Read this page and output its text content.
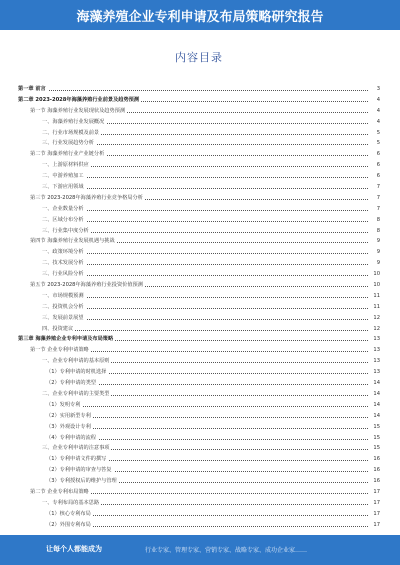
海藻养殖企业专利申请及布局策略研究报告
内容目录
第一章 前言	3
第二章 2023-2028年海藻养殖行业前景及趋势预测	4
第一节 海藻养殖行业发展现状及趋势预测	4
一、海藻养殖行业发展概况	4
二、行业市场规模及前景	5
三、行业发展趋势分析	5
第二节 海藻养殖行业产业链分析	6
一、上游原材料供应	6
二、中游养殖加工	6
三、下游应用领域	7
第三节 2023-2028年海藻养殖行业竞争格局分析	7
一、企业数量分析	7
二、区域分布分析	8
三、行业集中度分析	8
第四节 海藻养殖行业发展机遇与挑战	9
一、政策环境分析	9
二、技术发展分析	9
三、行业风险分析	10
第五节 2023-2028年海藻养殖行业投资价值预测	10
一、市场规模预测	11
二、投资机会分析	11
三、发展前景展望	12
四、投资建议	12
第三章 海藻养殖企业专利申请及布局策略	13
第一节 企业专利申请策略	13
一、企业专利申请的基本原则	13
（1）专利申请的时机选择	13
（2）专利申请的类型	14
二、企业专利申请的主要类型	14
（1）发明专利	14
（2）实用新型专利	14
（3）外观设计专利	15
（4）专利申请的流程	15
三、企业专利申请的注意事项	15
（1）专利申请文件的撰写	16
（2）专利申请的审查与答复	16
（3）专利授权后的维护与管理	16
第二节 企业专利布局策略	17
一、专利布局的基本思路	17
（1）核心专利布局	17
（2）外围专利布局	17
让每个人都能成为	行业专家、管理专家、营销专家、战略专家、成功企业家……
